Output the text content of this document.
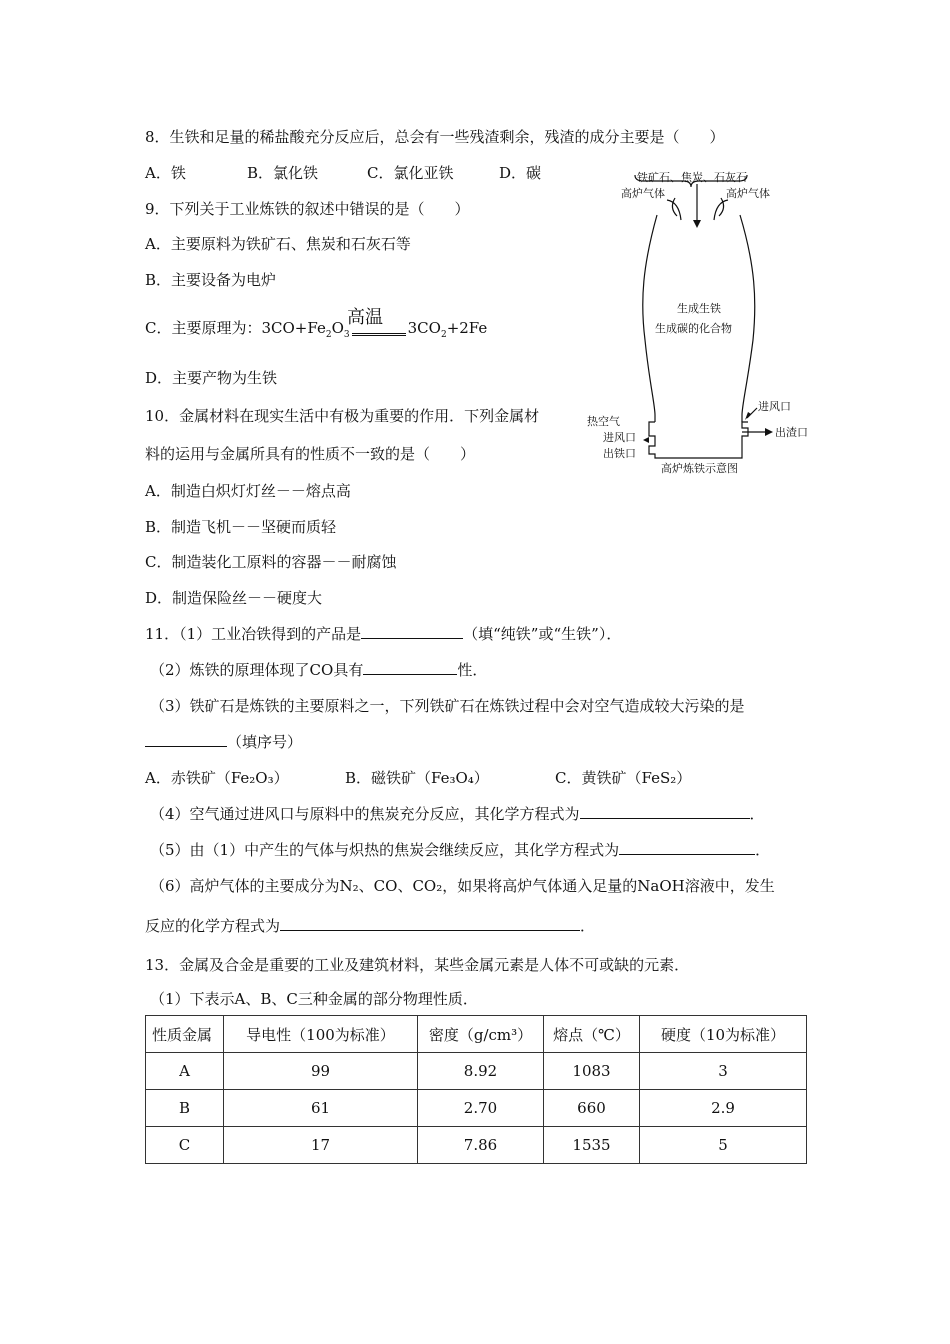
8．生铁和足量的稀盐酸充分反应后，总会有一些残渣剩余，残渣的成分主要是（　　）
A．铁	B．氯化铁	C．氯化亚铁	D．碳
9．下列关于工业炼铁的叙述中错误的是（　　）
A．主要原料为铁矿石、焦炭和石灰石等
B．主要设备为电炉
C．主要原理为：$3CO+Fe_2O_3$	$3CO_2+2Fe$
高温
D．主要产物为生铁
10．金属材料在现实生活中有极为重要的作用．下列金属材
料的运用与金属所具有的性质不一致的是（　　）
A．制造白炽灯灯丝－－熔点高
B．制造飞机－－坚硬而质轻
C．制造装化工原料的容器－－耐腐蚀
D．制造保险丝－－硬度大
11．（1）工业冶铁得到的产品是	（填“纯铁”或“生铁”）．
（2）炼铁的原理体现了CO具有	性．
（3）铁矿石是炼铁的主要原料之一，下列铁矿石在炼铁过程中会对空气造成较大污染的是
（填序号）
A．赤铁矿（Fe₂O₃）	B．磁铁矿（Fe₃O₄）	C．黄铁矿（FeS₂）
（4）空气通过进风口与原料中的焦炭充分反应，其化学方程式为	．
（5）由（1）中产生的气体与炽热的焦炭会继续反应，其化学方程式为	．
（6）高炉气体的主要成分为N₂、CO、CO₂，如果将高炉气体通入足量的NaOH溶液中，发生
反应的化学方程式为	．
13．金属及合金是重要的工业及建筑材料，某些金属元素是人体不可或缺的元素．
（1）下表示A、B、C三种金属的部分物理性质．
铁矿石、焦炭、石灰石
高炉气体	高炉气体
生成生铁
生成碳的化合物
热空气
进风口
出铁口
进风口
出渣口
高炉炼铁示意图
性质金属	导电性（100为标准）	密度（g/cm³）	熔点（℃）	硬度（10为标准）
A	99	8.92	1083	3
B	61	2.70	660	2.9
C	17	7.86	1535	5
